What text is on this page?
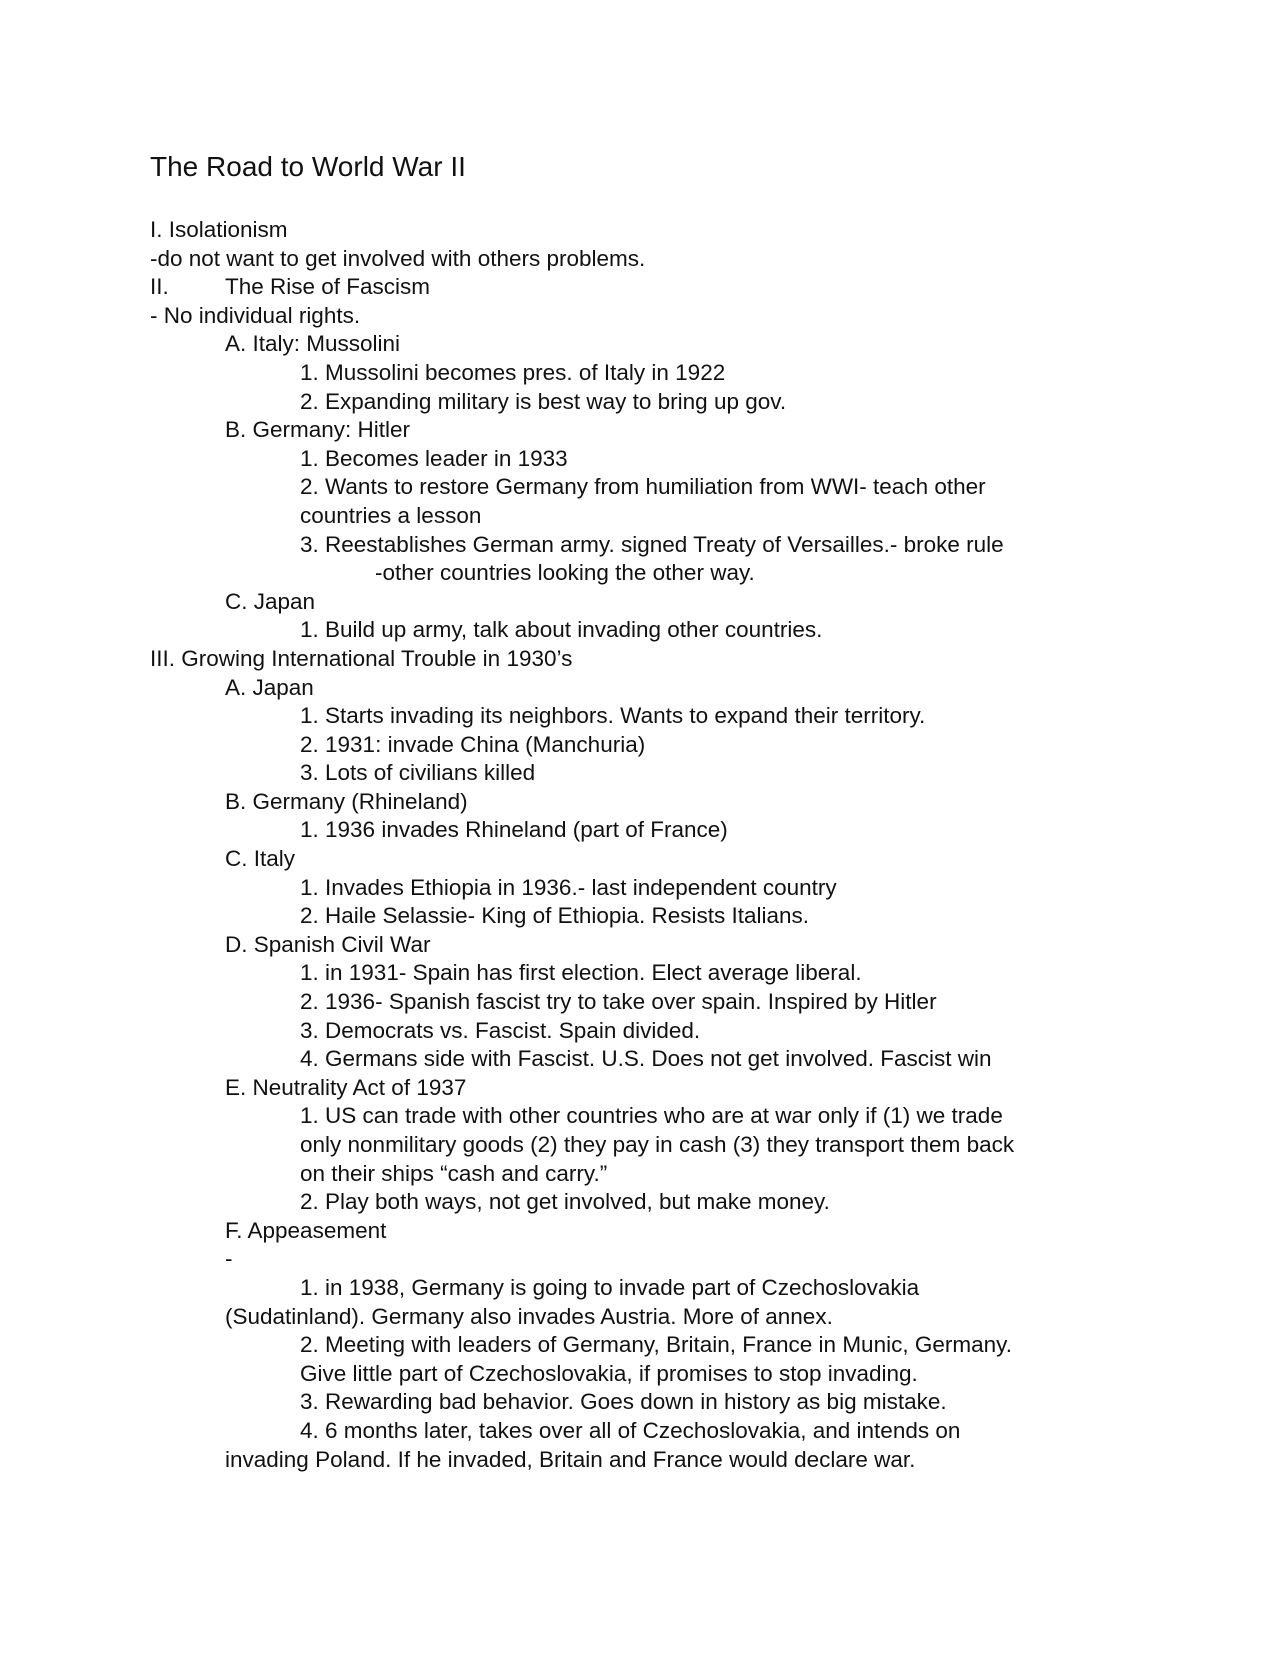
The Road to World War II
I. Isolationism
-do not want to get involved with others problems.
II. The Rise of Fascism
- No individual rights.
A. Italy: Mussolini
1. Mussolini becomes pres. of Italy in 1922
2. Expanding military is best way to bring up gov.
B. Germany: Hitler
1. Becomes leader in 1933
2. Wants to restore Germany from humiliation from WWI- teach other
countries a lesson
3. Reestablishes German army. signed Treaty of Versailles.- broke rule
-other countries looking the other way.
C. Japan
1. Build up army, talk about invading other countries.
III. Growing International Trouble in 1930’s
A. Japan
1. Starts invading its neighbors. Wants to expand their territory.
2. 1931: invade China (Manchuria)
3. Lots of civilians killed
B. Germany (Rhineland)
1. 1936 invades Rhineland (part of France)
C. Italy
1. Invades Ethiopia in 1936.- last independent country
2. Haile Selassie- King of Ethiopia. Resists Italians.
D. Spanish Civil War
1. in 1931- Spain has first election. Elect average liberal.
2. 1936- Spanish fascist try to take over spain. Inspired by Hitler
3. Democrats vs. Fascist. Spain divided.
4. Germans side with Fascist. U.S. Does not get involved. Fascist win
E. Neutrality Act of 1937
1. US can trade with other countries who are at war only if (1) we trade
only nonmilitary goods (2) they pay in cash (3) they transport them back
on their ships “cash and carry.”
2. Play both ways, not get involved, but make money.
F. Appeasement
-
1. in 1938, Germany is going to invade part of Czechoslovakia
(Sudatinland). Germany also invades Austria. More of annex.
2. Meeting with leaders of Germany, Britain, France in Munic, Germany.
Give little part of Czechoslovakia, if promises to stop invading.
3. Rewarding bad behavior. Goes down in history as big mistake.
4. 6 months later, takes over all of Czechoslovakia, and intends on
invading Poland. If he invaded, Britain and France would declare war.
